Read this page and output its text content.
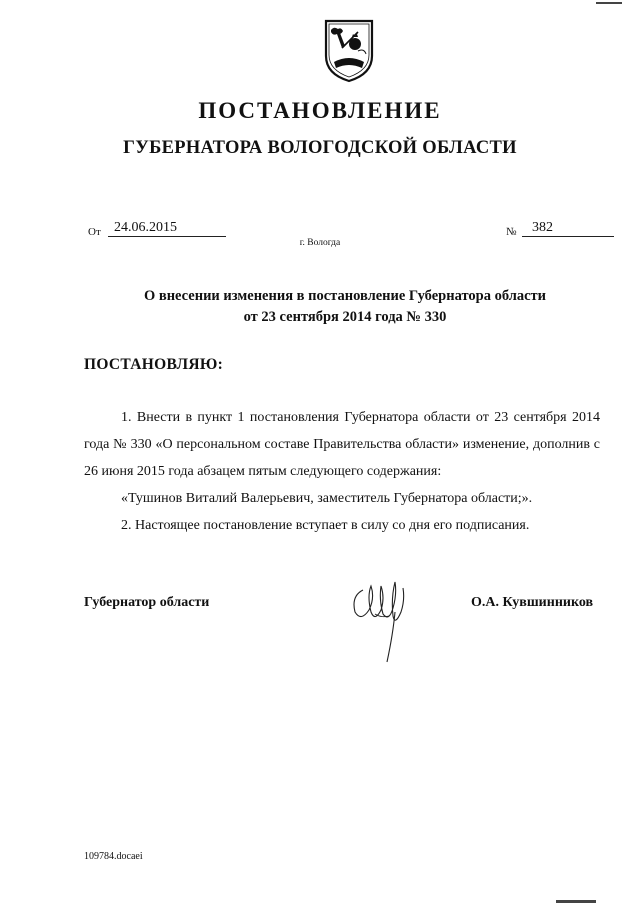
ПОСТАНОВЛЕНИЕ
ГУБЕРНАТОРА ВОЛОГОДСКОЙ ОБЛАСТИ
От 24.06.2015	№	382
г. Вологда
О внесении изменения в постановление Губернатора области
от 23 сентября 2014 года № 330
ПОСТАНОВЛЯЮ:

1. Внести в пункт 1 постановления Губернатора области от 23 сентября 2014 года № 330 «О персональном составе Правительства области» изменение, дополнив с 26 июня 2015 года абзацем пятым следующего содержания:

«Тушинов Виталий Валерьевич, заместитель Губернатора области;».

2. Настоящее постановление вступает в силу со дня его подписания.

Губернатор области	О.А. Кувшинников
109784.docaei
